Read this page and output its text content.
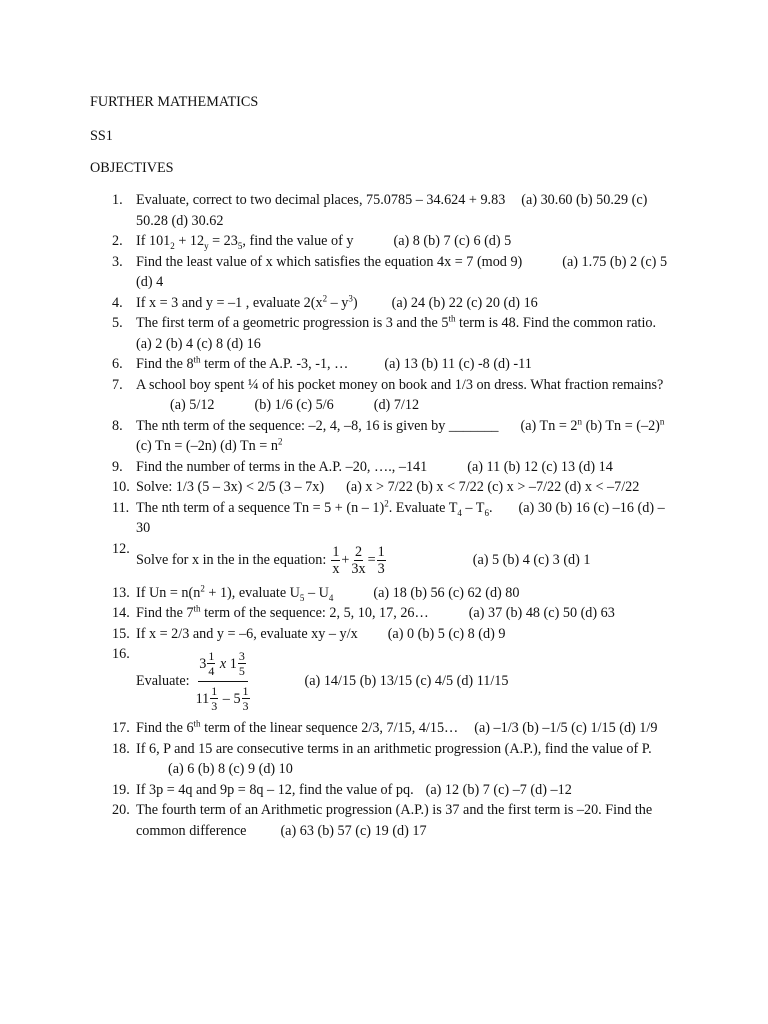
FURTHER MATHEMATICS
SS1
OBJECTIVES
1. Evaluate, correct to two decimal places, 75.0785 – 34.624 + 9.83 (a) 30.60 (b) 50.29 (c) 50.28 (d) 30.62
2. If $101_2 + 12_y = 23_5$, find the value of y	(a) 8 (b) 7 (c) 6 (d) 5
3. Find the least value of x which satisfies the equation 4x = 7 (mod 9)	(a) 1.75 (b) 2 (c) 5 (d) 4
4. If x = 3 and y = –1 , evaluate $2(x^2 - y^3)$ (a) 24 (b) 22 (c) 20 (d) 16
5. The first term of a geometric progression is 3 and the 5th term is 48. Find the common ratio.(a) 2 (b) 4 (c) 8 (d) 16
6. Find the 8th term of the A.P. -3, -1, …	(a) 13 (b) 11 (c) -8 (d) -11
7. A school boy spent ¼ of his pocket money on book and 1/3 on dress. What fraction remains?(a) 5/12	(b) 1/6 (c) 5/6	(d) 7/12
8. The nth term of the sequence: –2, 4, –8, 16 is given by _______ (a) $Tn = 2^n$ (b) $Tn = (-2)^n$ (c) Tn = (–2n) (d) $Tn = n^2$
9. Find the number of terms in the A.P. –20, …., –141	(a) 11 (b) 12 (c) 13 (d) 14
10. Solve: 1/3 (5 – 3x) < 2/5 (3 – 7x) (a) x > 7/22 (b) x < 7/22 (c) x > –7/22 (d) x < –7/22
11. The nth term of a sequence Tn = 5 + (n – 1)$^2$. Evaluate $T_4 - T_6$. (a) 30 (b) 16 (c) –16 (d) –30
12.
Solve for x in the in the equation: $\frac{1}{x} + \frac{2}{3x} = \frac{1}{3}$	(a) 5 (b) 4 (c) 3 (d) 1
13. If $Un = n(n^2 + 1)$, evaluate $U_5 - U_4$	(a) 18 (b) 56 (c) 62 (d) 80
14. Find the 7th term of the sequence: 2, 5, 10, 17, 26…	(a) 37 (b) 48 (c) 50 (d) 63
15. If x = 2/3 and y = –6, evaluate xy – y/x (a) 0 (b) 5 (c) 8 (d) 9
16.
Evaluate: $\frac{3 \frac{1}{4} x 1 \frac{3}{5}}{11 \frac{1}{3} - 5 \frac{1}{3}}$	(a) 14/15 (b) 13/15 (c) 4/5 (d) 11/15
17. Find the 6th term of the linear sequence 2/3, 7/15, 4/15… (a) –1/3 (b) –1/5 (c) 1/15 (d) 1/9
18. If 6, P and 15 are consecutive terms in an arithmetic progression (A.P.), find the value of P.(a) 6 (b) 8 (c) 9 (d) 10
19. If 3p = 4q and 9p = 8q – 12, find the value of pq. (a) 12 (b) 7 (c) –7 (d) –12
20. The fourth term of an Arithmetic progression (A.P.) is 37 and the first term is –20. Find the common difference (a) 63 (b) 57 (c) 19 (d) 17
